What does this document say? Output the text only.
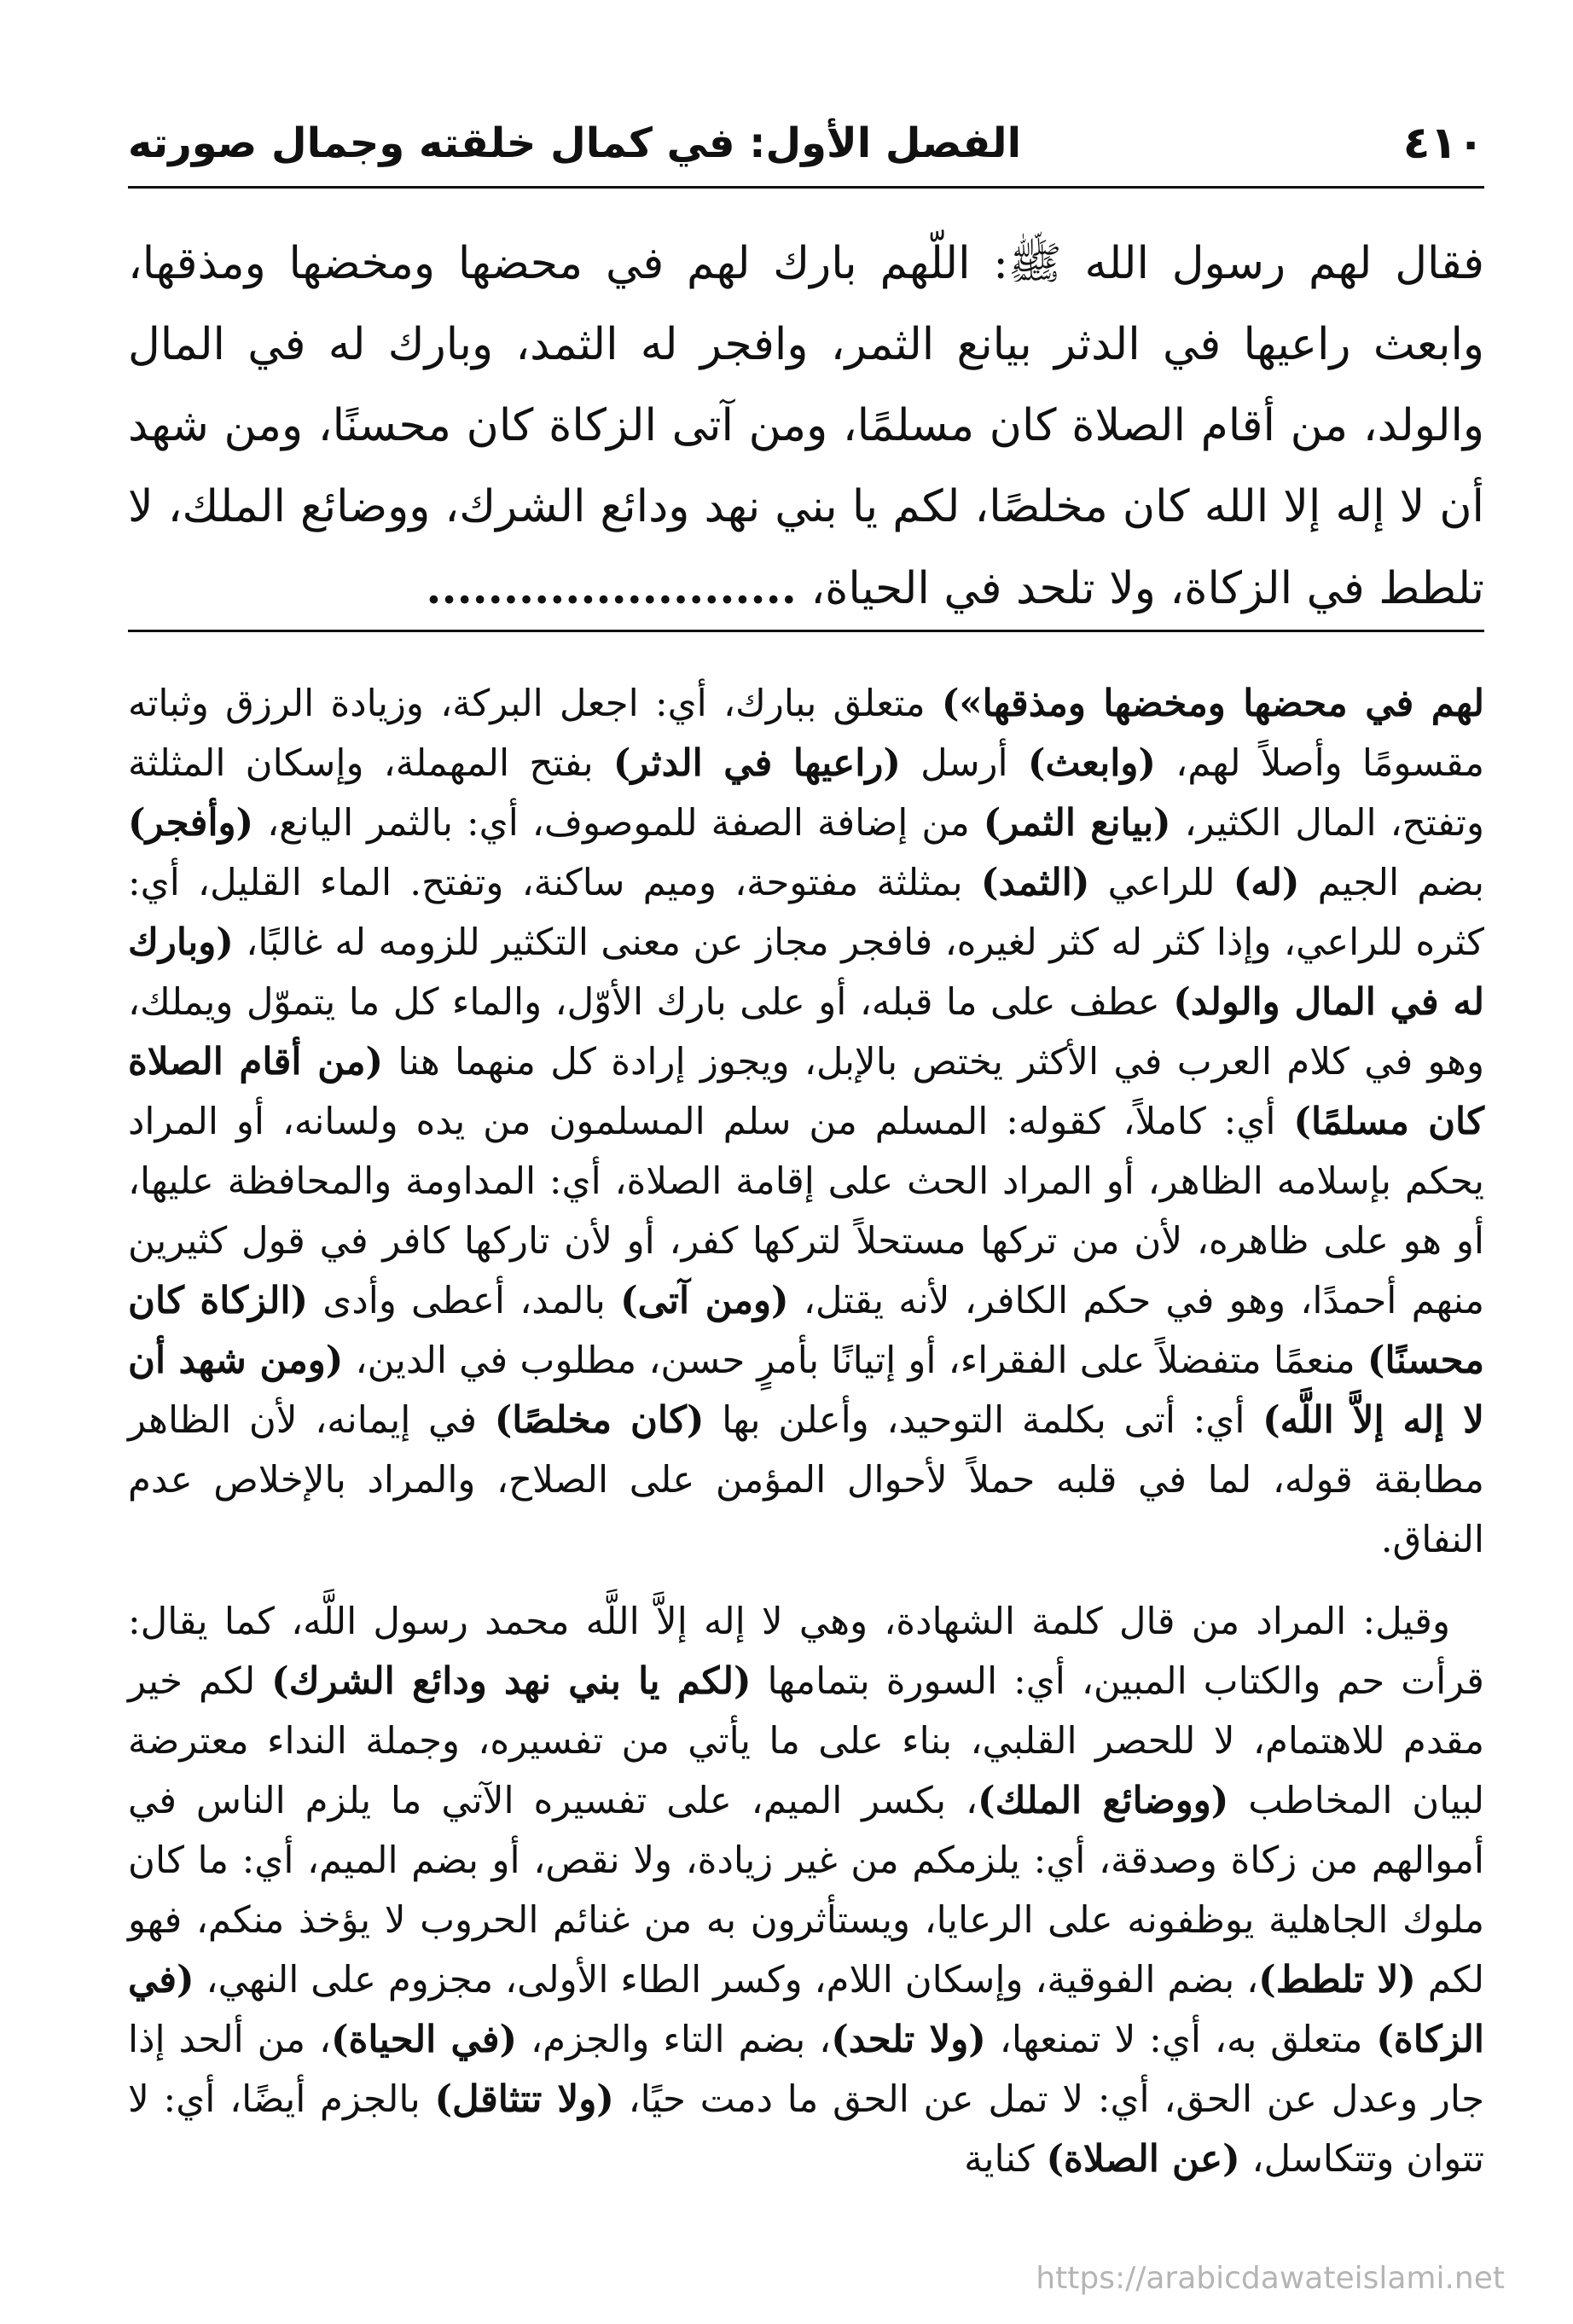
٤١٠
الفصل الأول: في كمال خلقته وجمال صورته

فقال لهم رسول الله ﷺ: اللّهم بارك لهم في محضها ومخضها ومذقها، وابعث راعيها في الدثر بيانع الثمر، وافجر له الثمد، وبارك له في المال والولد، من أقام الصلاة كان مسلمًا، ومن آتى الزكاة كان محسنًا، ومن شهد أن لا إله إلا الله كان مخلصًا، لكم يا بني نهد ودائع الشرك، ووضائع الملك، لا تلطط في الزكاة، ولا تلحد في الحياة، ........................

لهم في محضها ومخضها ومذقها») متعلق ببارك، أي: اجعل البركة، وزيادة الرزق وثباته مقسومًا وأصلاً لهم، (وابعث) أرسل (راعيها في الدثر) بفتح المهملة، وإسكان المثلثة وتفتح، المال الكثير، (بيانع الثمر) من إضافة الصفة للموصوف، أي: بالثمر اليانع، (وأفجر) بضم الجيم (له) للراعي (الثمد) بمثلثة مفتوحة، وميم ساكنة، وتفتح. الماء القليل، أي: كثره للراعي، وإذا كثر له كثر لغيره، فافجر مجاز عن معنى التكثير للزومه له غالبًا، (وبارك له في المال والولد) عطف على ما قبله، أو على بارك الأوّل، والماء كل ما يتموّل ويملك، وهو في كلام العرب في الأكثر يختص بالإبل، ويجوز إرادة كل منهما هنا (من أقام الصلاة كان مسلمًا) أي: كاملاً، كقوله: المسلم من سلم المسلمون من يده ولسانه، أو المراد يحكم بإسلامه الظاهر، أو المراد الحث على إقامة الصلاة، أي: المداومة والمحافظة عليها، أو هو على ظاهره، لأن من تركها مستحلاً لتركها كفر، أو لأن تاركها كافر في قول كثيرين منهم أحمدًا، وهو في حكم الكافر، لأنه يقتل، (ومن آتى) بالمد، أعطى وأدى (الزكاة كان محسنًا) منعمًا متفضلاً على الفقراء، أو إتيانًا بأمرٍ حسن، مطلوب في الدين، (ومن شهد أن لا إله إلاَّ اللَّه) أي: أتى بكلمة التوحيد، وأعلن بها (كان مخلصًا) في إيمانه، لأن الظاهر مطابقة قوله، لما في قلبه حملاً لأحوال المؤمن على الصلاح، والمراد بالإخلاص عدم النفاق.

وقيل: المراد من قال كلمة الشهادة، وهي لا إله إلاَّ اللَّه محمد رسول اللَّه، كما يقال: قرأت حم والكتاب المبين، أي: السورة بتمامها (لكم يا بني نهد ودائع الشرك) لكم خير مقدم للاهتمام، لا للحصر القلبي، بناء على ما يأتي من تفسيره، وجملة النداء معترضة لبيان المخاطب (ووضائع الملك)، بكسر الميم، على تفسيره الآتي ما يلزم الناس في أموالهم من زكاة وصدقة، أي: يلزمكم من غير زيادة، ولا نقص، أو بضم الميم، أي: ما كان ملوك الجاهلية يوظفونه على الرعايا، ويستأثرون به من غنائم الحروب لا يؤخذ منكم، فهو لكم (لا تلطط)، بضم الفوقية، وإسكان اللام، وكسر الطاء الأولى، مجزوم على النهي، (في الزكاة) متعلق به، أي: لا تمنعها، (ولا تلحد)، بضم التاء والجزم، (في الحياة)، من ألحد إذا جار وعدل عن الحق، أي: لا تمل عن الحق ما دمت حيًا، (ولا تتثاقل) بالجزم أيضًا، أي: لا تتوان وتتكاسل، (عن الصلاة) كناية

https://arabicdawateislami.net
